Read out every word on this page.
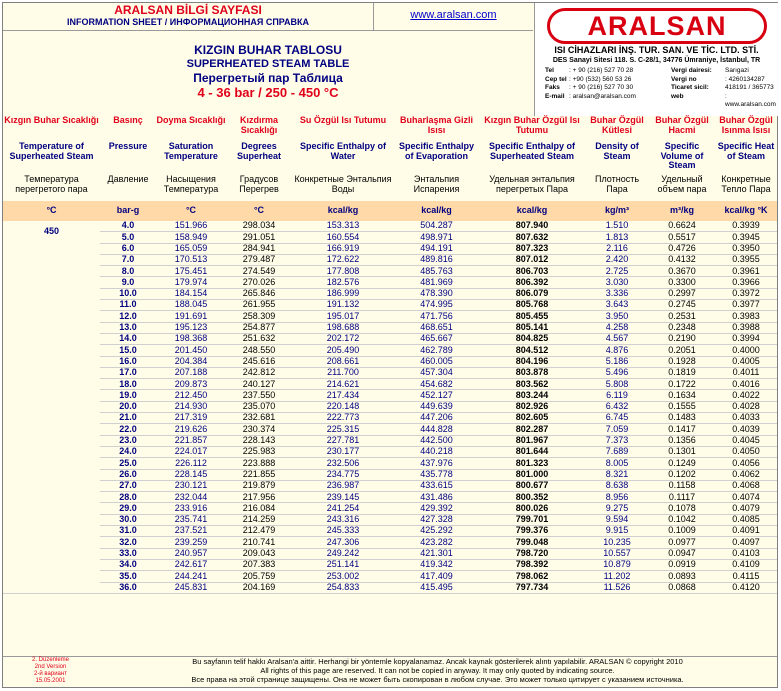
ARALSAN BİLGİ SAYFASI
INFORMATION SHEET / ИНФОРМАЦИОННАЯ СПРАВКА
www.aralsan.com
KIZGIN BUHAR TABLOSU
SUPERHEATED STEAM TABLE
Перегретый пар Таблица
4 - 36 bar / 250 - 450 °C
ARALSAN
ISI CİHAZLARI İNŞ. TUR. SAN. VE TİC. LTD. STİ.
DES Sanayi Sitesi 118. S. C-28/1, 34776 Ümraniye, İstanbul, TR
Tel : + 90 (216) 527 70 28	Vergi dairesi: Sarıgazi
Cep tel : +90 (532) 560 53 26	Vergi no	: 4260134287
Faks : + 90 (216) 527 70 30	Ticaret sicil: 418191 / 365773
E-mail : aralsan@aralsan.com	web	: www.aralsan.com
Kızgın Buhar Sıcaklığı	Basınç	Doyma Sıcaklığı	Kızdırma Sıcaklığı	Su Özgül Isı Tutumu	Buharlaşma Gizli Isısı	Kızgın Buhar Özgül Isı Tutumu	Buhar Özgül Kütlesi	Buhar Özgül Hacmi	Buhar Özgül Isınma Isısı
Temperature of Superheated Steam	Pressure	Saturation Temperature	Degrees Superheat	Specific Enthalpy of Water	Specific Enthalpy of Evaporation	Specific Enthalpy of Superheated Steam	Density of Steam	Specific Volume of Steam	Specific Heat of Steam
Температура перегретого пара	Давление	Насыщения Температура	Градусов Перегрев	Конкретные Энтальпия Воды	Энтальпия Испарения	Удельная энтальпия перегретых Пара	Плотность Пара	Удельный объем пара	Конкретные Тепло Пара
°C	bar-g	°C	°C	kcal/kg	kcal/kg	kcal/kg	kg/m³	m³/kg	kcal/kg °K
450	4.0	151.966	298.034	153.313	504.287	807.940	1.510	0.6624	0.3939
	5.0	158.949	291.051	160.554	498.971	807.632	1.813	0.5517	0.3945
	6.0	165.059	284.941	166.919	494.191	807.323	2.116	0.4726	0.3950
	7.0	170.513	279.487	172.622	489.816	807.012	2.420	0.4132	0.3955
	8.0	175.451	274.549	177.808	485.763	806.703	2.725	0.3670	0.3961
	9.0	179.974	270.026	182.576	481.969	806.392	3.030	0.3300	0.3966
	10.0	184.154	265.846	186.999	478.390	806.079	3.336	0.2997	0.3972
	11.0	188.045	261.955	191.132	474.995	805.768	3.643	0.2745	0.3977
	12.0	191.691	258.309	195.017	471.756	805.455	3.950	0.2531	0.3983
	13.0	195.123	254.877	198.688	468.651	805.141	4.258	0.2348	0.3988
	14.0	198.368	251.632	202.172	465.667	804.825	4.567	0.2190	0.3994
	15.0	201.450	248.550	205.490	462.789	804.512	4.876	0.2051	0.4000
	16.0	204.384	245.616	208.661	460.005	804.196	5.186	0.1928	0.4005
	17.0	207.188	242.812	211.700	457.304	803.878	5.496	0.1819	0.4011
	18.0	209.873	240.127	214.621	454.682	803.562	5.808	0.1722	0.4016
	19.0	212.450	237.550	217.434	452.127	803.244	6.119	0.1634	0.4022
	20.0	214.930	235.070	220.148	449.639	802.926	6.432	0.1555	0.4028
	21.0	217.319	232.681	222.773	447.206	802.605	6.745	0.1483	0.4033
	22.0	219.626	230.374	225.315	444.828	802.287	7.059	0.1417	0.4039
	23.0	221.857	228.143	227.781	442.500	801.967	7.373	0.1356	0.4045
	24.0	224.017	225.983	230.177	440.218	801.644	7.689	0.1301	0.4050
	25.0	226.112	223.888	232.506	437.976	801.323	8.005	0.1249	0.4056
	26.0	228.145	221.855	234.775	435.778	801.000	8.321	0.1202	0.4062
	27.0	230.121	219.879	236.987	433.615	800.677	8.638	0.1158	0.4068
	28.0	232.044	217.956	239.145	431.486	800.352	8.956	0.1117	0.4074
	29.0	233.916	216.084	241.254	429.392	800.026	9.275	0.1078	0.4079
	30.0	235.741	214.259	243.316	427.328	799.701	9.594	0.1042	0.4085
	31.0	237.521	212.479	245.333	425.292	799.376	9.915	0.1009	0.4091
	32.0	239.259	210.741	247.306	423.282	799.048	10.235	0.0977	0.4097
	33.0	240.957	209.043	249.242	421.301	798.720	10.557	0.0947	0.4103
	34.0	242.617	207.383	251.141	419.342	798.392	10.879	0.0919	0.4109
	35.0	244.241	205.759	253.002	417.409	798.062	11.202	0.0893	0.4115
	36.0	245.831	204.169	254.833	415.495	797.734	11.526	0.0868	0.4120
2. Düzenleme
2nd Version
2-й вариант
15.05.2001
Bu sayfanın telif hakkı Aralsan'a aittir. Herhangi bir yöntemle kopyalanamaz. Ancak kaynak gösterilerek alıntı yapılabilir. ARALSAN © copyright 2010
All rights of this page are reserved. It can not be copied in anyway. It may only quoted by indicating source.
Все права на этой странице защищены. Она не может быть скопирован в любом случае. Это может только цитирует с указанием источника.
